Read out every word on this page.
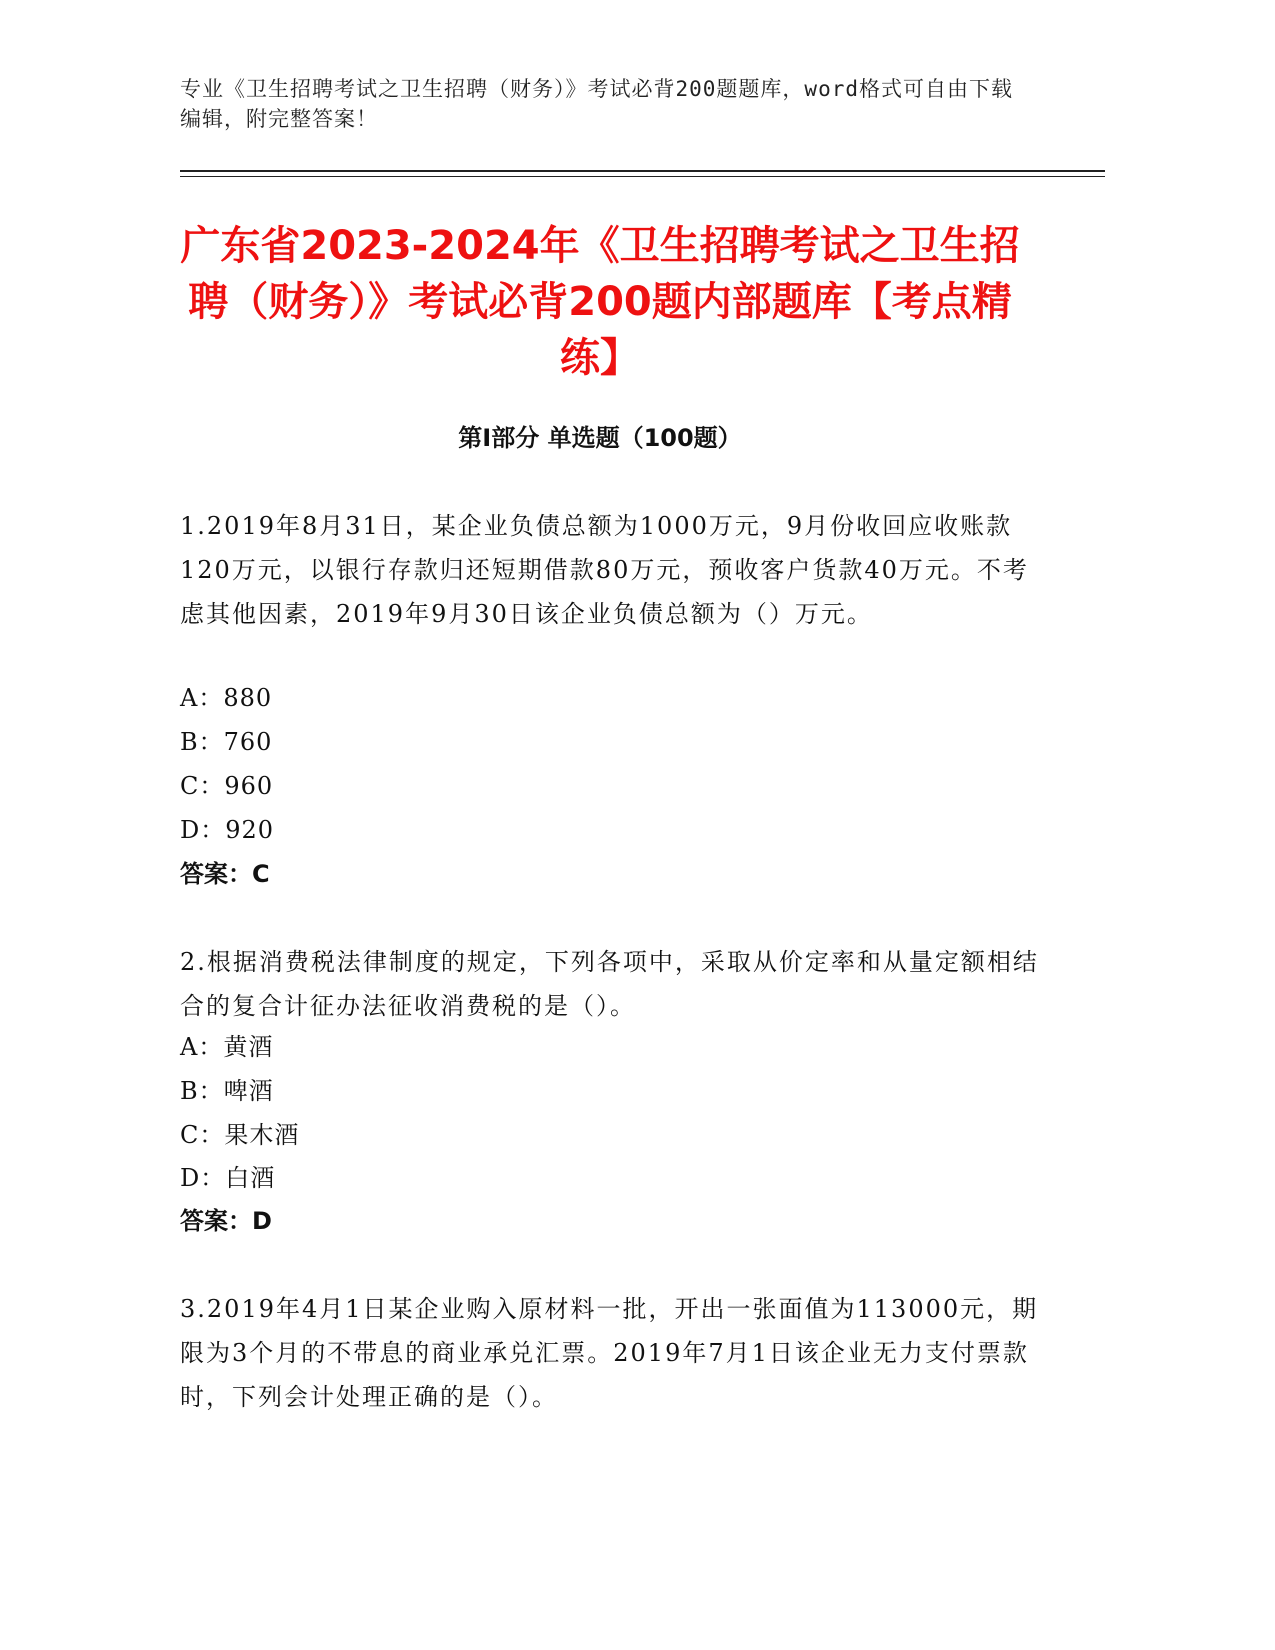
专业《卫生招聘考试之卫生招聘（财务）》考试必背200题题库，word格式可自由下载编辑，附完整答案！
广东省2023-2024年《卫生招聘考试之卫生招聘（财务）》考试必背200题内部题库【考点精练】
第Ⅰ部分 单选题（100题）

1.2019年8月31日，某企业负债总额为1000万元，9月份收回应收账款120万元，以银行存款归还短期借款80万元，预收客户货款40万元。不考虑其他因素，2019年9月30日该企业负债总额为（）万元。

A：880

B：760

C：960

D：920

答案：C

2.根据消费税法律制度的规定，下列各项中，采取从价定率和从量定额相结合的复合计征办法征收消费税的是（）。

A：黄酒

B：啤酒

C：果木酒

D：白酒

答案：D

3.2019年4月1日某企业购入原材料一批，开出一张面值为113000元，期限为3个月的不带息的商业承兑汇票。2019年7月1日该企业无力支付票款时，下列会计处理正确的是（）。
